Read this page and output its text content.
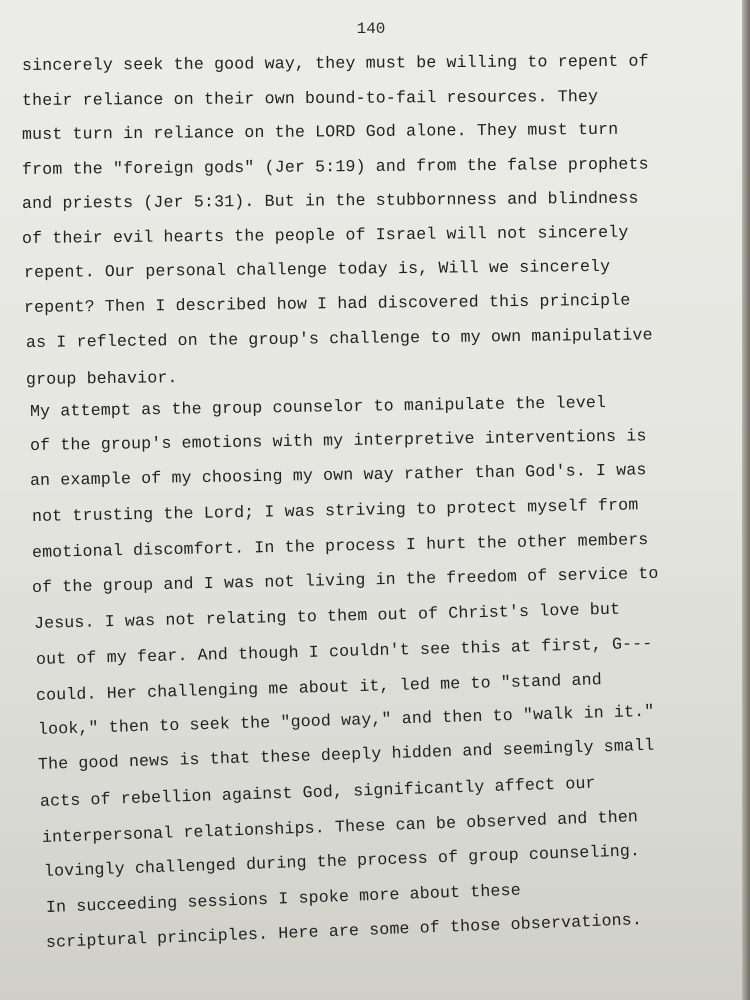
140
sincerely seek the good way, they must be willing to repent of
their reliance on their own bound-to-fail resources. They
must turn in reliance on the LORD God alone. They must turn
from the "foreign gods" (Jer 5:19) and from the false prophets
and priests (Jer 5:31). But in the stubbornness and blindness
of their evil hearts the people of Israel will not sincerely
repent. Our personal challenge today is, Will we sincerely
repent? Then I described how I had discovered this principle
as I reflected on the group's challenge to my own manipulative
group behavior.
My attempt as the group counselor to manipulate the level
of the group's emotions with my interpretive interventions is
an example of my choosing my own way rather than God's. I was
not trusting the Lord; I was striving to protect myself from
emotional discomfort. In the process I hurt the other members
of the group and I was not living in the freedom of service to
Jesus. I was not relating to them out of Christ's love but
out of my fear. And though I couldn't see this at first, G---
could. Her challenging me about it, led me to "stand and
look," then to seek the "good way," and then to "walk in it."
The good news is that these deeply hidden and seemingly small
acts of rebellion against God, significantly affect our
interpersonal relationships. These can be observed and then
lovingly challenged during the process of group counseling.
In succeeding sessions I spoke more about these
scriptural principles. Here are some of those observations.
